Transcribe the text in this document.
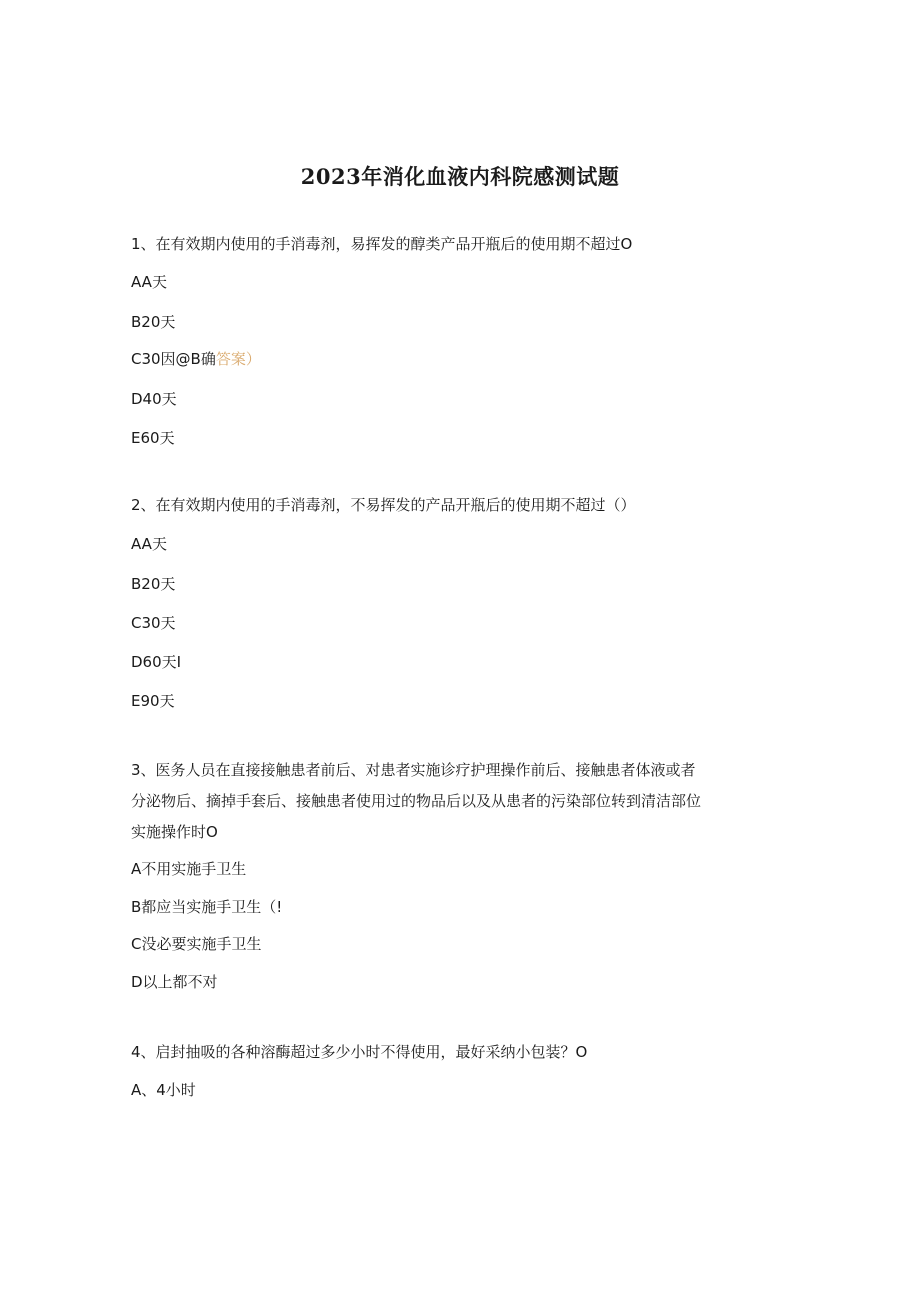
2023年消化血液内科院感测试题
1、在有效期内使用的手消毒剂，易挥发的醇类产品开瓶后的使用期不超过O
AA天
B20天
C30因@B确答案）
D40天
E60天
2、在有效期内使用的手消毒剂，不易挥发的产品开瓶后的使用期不超过（）
AA天
B20天
C30天
D60天I
E90天
3、医务人员在直接接触患者前后、对患者实施诊疗护理操作前后、接触患者体液或者
分泌物后、摘掉手套后、接触患者使用过的物品后以及从患者的污染部位转到清洁部位
实施操作时O
A不用实施手卫生
B都应当实施手卫生（!
C没必要实施手卫生
D以上都不对
4、启封抽吸的各种溶酶超过多少小时不得使用，最好采纳小包装？O
A、4小时
